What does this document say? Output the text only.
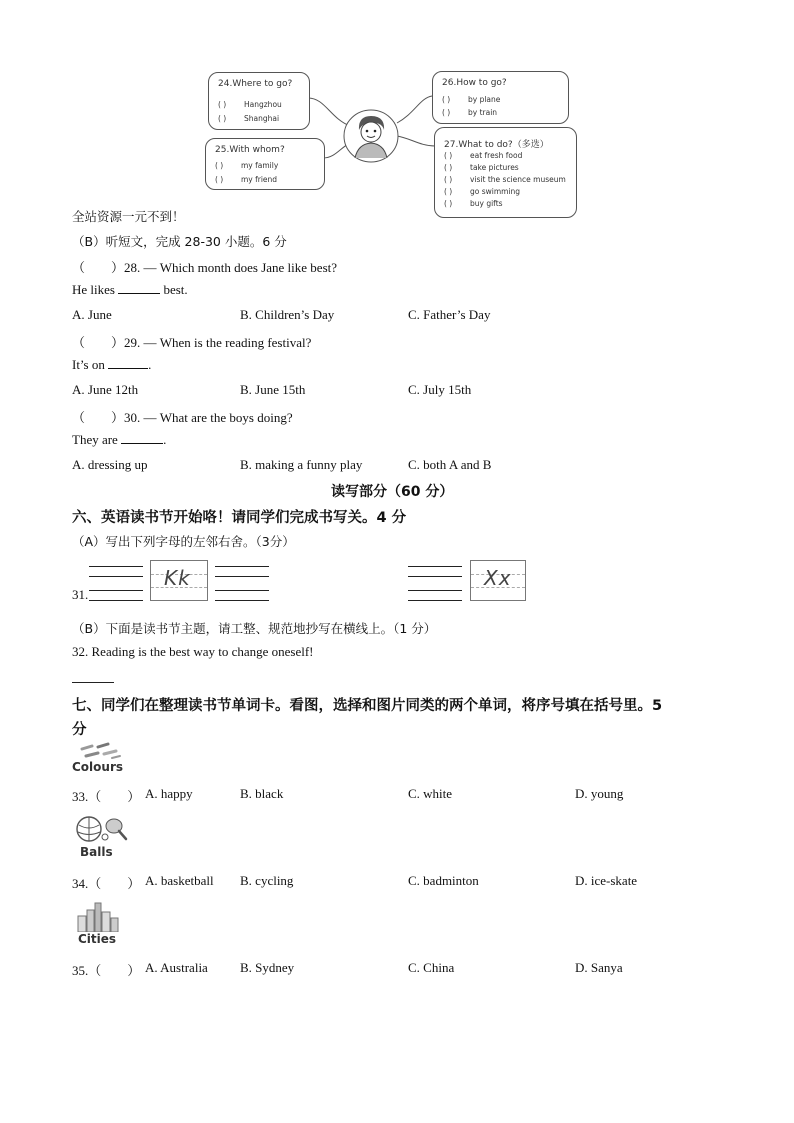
24.Where to go?
( ) Hangzhou
( ) Shanghai
25.With whom?
( ) my family
( ) my friend
26.How to go?
( ) by plane
( ) by train
27.What to do?（多选）
( ) eat fresh food
( ) take pictures
( ) visit the science museum
( ) go swimming
( ) buy gifts
全站资源一元不到！
（B）听短文，完成 28-30 小题。6 分
（　　）28. — Which month does Jane like best?
He likes	best.
A. June	B. Children’s Day	C. Father’s Day
（　　）29. — When is the reading festival?
It’s on	.
A. June 12th	B. June 15th	C. July 15th
（　　）30. — What are the boys doing?
They are	.
A. dressing up	B. making a funny play	C. both A and B
读写部分（60 分）
六、英语读书节开始咯！请同学们完成书写关。4 分
（A）写出下列字母的左邻右舍。（3分）
31.
Kk	Xx
（B）下面是读书节主题，请工整、规范地抄写在横线上。（1 分）
32. Reading is the best way to change oneself!
七、同学们在整理读书节单词卡。看图，选择和图片同类的两个单词，将序号填在括号里。5
分
Colours
33.（　　） A. happy	B. black	C. white	D. young
Balls
34.（　　） A. basketball B. cycling	C. badminton	D. ice-skate
Cities
35.（　　） A. Australia B. Sydney	C. China	D. Sanya
